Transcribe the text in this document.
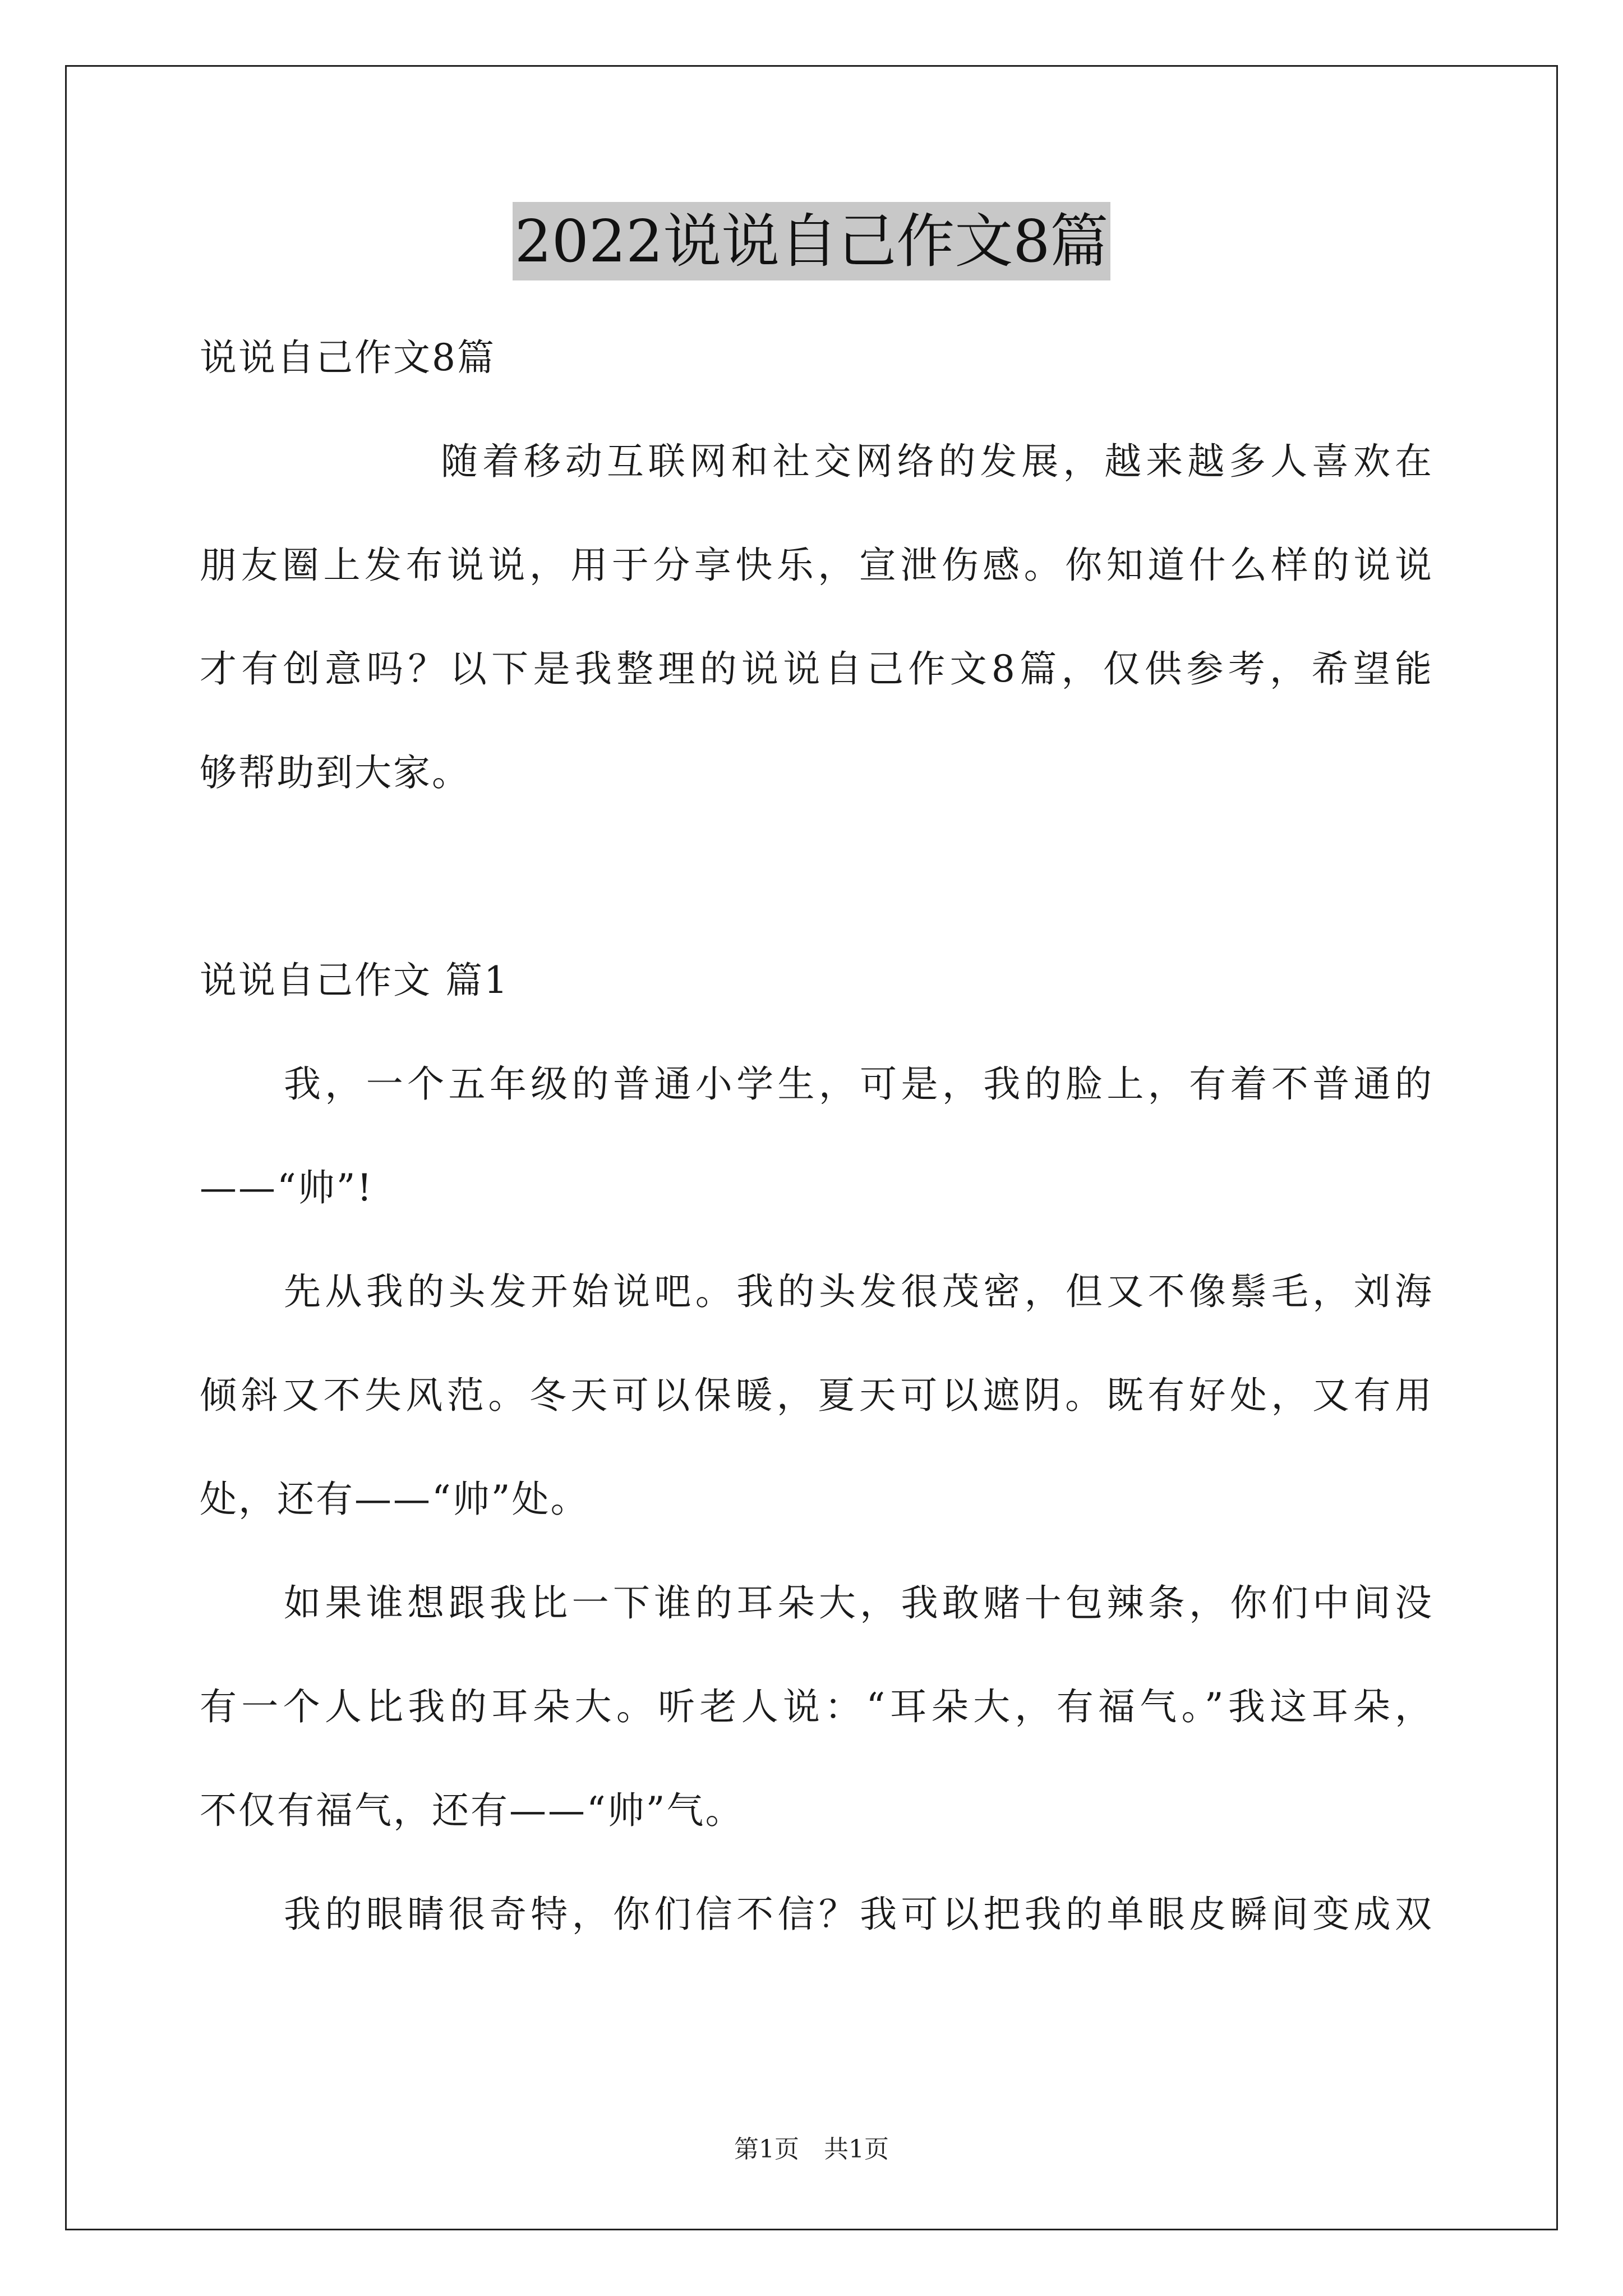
2022说说自己作文8篇
说说自己作文8篇
随着移动互联网和社交网络的发展，越来越多人喜欢在
朋友圈上发布说说，用于分享快乐，宣泄伤感。你知道什么样的说说
才有创意吗？以下是我整理的说说自己作文8篇，仅供参考，希望能
够帮助到大家。
说说自己作文 篇1
我，一个五年级的普通小学生，可是，我的脸上，有着不普通的
——“帅”!
先从我的头发开始说吧。我的头发很茂密，但又不像鬃毛，刘海
倾斜又不失风范。冬天可以保暖，夏天可以遮阴。既有好处，又有用
处，还有——“帅”处。
如果谁想跟我比一下谁的耳朵大，我敢赌十包辣条，你们中间没
有一个人比我的耳朵大。听老人说：“耳朵大，有福气。”我这耳朵，
不仅有福气，还有——“帅”气。
我的眼睛很奇特，你们信不信？我可以把我的单眼皮瞬间变成双
第1页　共1页
